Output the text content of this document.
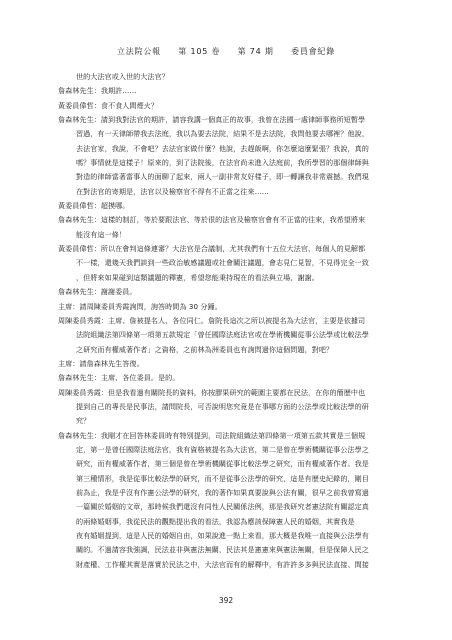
立法院公報 第 105 卷 第 74 期 委員會紀錄
世的大法官或入世的大法官？
詹森林先生：我期許……
黃委員偉哲：食不食人間煙火？
詹森林先生：請到我對法官的期許，請容我講一個真正的故事，我曾在法國一處律師事務所短暫學
習過，有一天律師帶我去法庭，我以為要去法院，結果不是去法院，我問他要去哪裡？他說，
去法官家，我說，不會吧？去法官家做什麼？他說，去趕飯啊，你怎麼這麼緊張？我說，真的
嗎？事情就是這樣子！原來的，到了法院後，在法官尚未進入法庭前，我所學習的那個律師與
對造的律師當著當事人的面聊了起來，兩人一副非常友好樣子，即一轉讓我非常震撼。我們現
在對法官的寄期是，法官以及檢察官不得有不正當之往來……
黃委員偉哲：超摸哪。
詹森林先生：這樣的制訂，等於要跟法官、等於很的法官及檢察官會有不正當的往來，我希望將來
能沒有這一條！
黃委員偉哲：所以在會判這條連審？大法官是合議制，尤其我們有十五位大法官，每個人的見解都
不一樣，還幾天我們談到一些政治敏感議題或社會關注議題，會志見仁見智，不見得完全一致
，但將來如果碰到這類議題的釋憲，希望您能秉持現在的看法與立場，謝謝。
詹森林先生：謝謝委員。
主席：請周陳委員秀霞詢問，詢答時間為 30 分鐘。
周陳委員秀霞：主席、詹被提名人、各位同仁。詹院長這次之所以被提名為大法官，主要是依據司
法院組織法第四條第一項第五款規定「曾任國際法庭法官或在學術機關從事公法學或比較法學
之研究而有權威著作者」之資格，之前林為洲委員也有詢問過你這個問題，對吧？
主席：請詹森林先生答復。
詹森林先生：主席、各位委員。是的。
周陳委員秀霞：但是我看過有關院長的資料，你按膠果研究的範圍主要都在民法，在你的簡歷中也
提到自己的專長是民事法，請問院長，可否說明您究竟是在事哪方面的公法學或比較法學的研
究？
詹森林先生：我剛才在回答林委員時有特別提到，司法院組織法第四條第一項第五款其實是三個規
定，第一是曾任國際法庭法官，我有資格被提名為大法官，第二是曾在學術機關從事公法學之
研究，而有權威著作者，第三個是曾在學術機關從事比較法學之研究，而有權威著作者。我是
第三種情形，我是從事比較法學的研究，而不是從事公法學的研究，這是有歷史紀錄的，剛目
前為止，我是乎沒有作憲公法學的研究，我的著作如果真要說與公法有關，很早之前我曾寫過
一篇關於婚姻的文章，那時候我們還沒有同性人民關係法例，那是我研究者憲法院有關認定真
的兩條婚姻事，我從民法的觀點提出我的看法，我認為應該保障憲人民的婚姻，其實我是
夜有婚姻提到，這是人民的婚姻自由，如果說進一點上來看，那大概是我唯一直接與公法學有
關的。不過請容我強調，民法並非與憲法無關，民法其是憲憲來與憲法無關，但是保障人民之
財產權、工作權其實是落實於民法之中，大法官而有的解釋中，有許許多多與民法直接、間接
392
